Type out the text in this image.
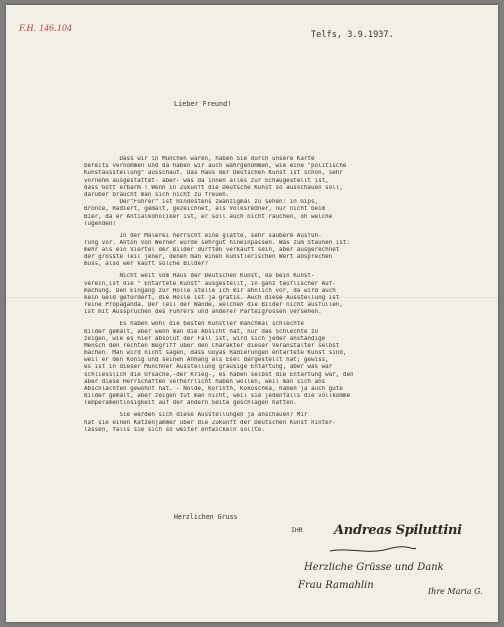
F.H. 146.104
Telfs, 3.9.1937.
Lieber Freund!
Dass wir in München waren, haben Sie durch unsere Karte
bereits vernommen und da haben wir auch wahrgenommen, wie eine "politische
Kunstausstellung" ausschaut. Das Haus der Deutschen Kunst ist schön, sehr
vornehm ausgestattet- aber- was da innen alles zur Schaugestellt ist,
dass Gott erbarm ! Wenn in Zukunft die Deutsche Kunst so ausschauen soll,
darüber braucht man sich nicht zu freuen.
Der"Führer" ist mindestens zwanzigmal zu sehen: in Gips,
Bronce, Radiert, gemalt, gezeichnet, als Volksredner, nur nicht beim
Bier, da er Antialkoholiker ist, er soll auch nicht rauchen, oh welche
Tugenden!
In der Malerei herrscht eine glatte, sehr saubere Ausfüh-
rung vor. Anton von Werner würde sehrgut hineinpassen. Was zum Staunen ist:
mehr als ein Viertel der Bilder dürften verkauft sein, aber ausgerechnet
der grösste Teil jener, denen man einen künstlerischen Wert absprechen
muss, also wer kauft solche Bilder?
Nicht weit vom Haus der Deutschen Kunst, da bein Kunst-
verein,ist die " Entartete Kunst" ausgestellt, in ganz teuflischer Auf-
machung. Den Eingang zur Hölle stelle ich mir ähnlich vor, da wird auch
kein Geld gefordert, die Hölle ist ja gratis. Auch diese Ausstellung ist
reine Propaganda. Der Teil der Wände, welchen die Bilder nicht ausfüllen,
ist mit Aussprüchen des Führers und anderer Parteigrössen versehen.
Es haben wohl die besten Künstler manchmal schlechte
Bilder gemalt, aber wenn man die Absicht hat, nur das Schlechte zu
zeigen, wie es hier absolut der Fall ist, wird sich jeder anständige
Mensch den rechten Begriff über den Charakter dieser Veranstalter selbst
machen. Man wird nicht sagen, dass Goyas Radierungen entartete Kunst sind,
weil er den König und seinen Anhang als Esel dargestellt hat; gewiss,
es ist in dieser Münchner Ausstellung grausige Entartung, aber was war
schliesslich die Ursache,-der Krieg-, es haben selbst die Entartung war, den
aber diese Herrschaften verherrlicht haben wollen, weil man sich ans
Abschlachten gewöhnt hat. - Nolde, Korinth, Kokoschka, haben ja auch gute
Bilder gemalt, aber zeigen tut man nicht, weil sie jedenfalls die vollkomme
Temperamentlosigkeit auf der andern Seite geschlagen hätten.
Sie werden sich diese Ausstellungen ja anschauen? Mir
hat sie einen Katzenjammer über die Zukunft der Deutschen Kunst hinter-
lassen, falls sie sich so weiter entwickeln sollte.
Herzlichen Gruss
IHR Andreas Spiluttini
Herzliche Grüsse und Dank
Frau Ramahlin
Ihre Maria G.
